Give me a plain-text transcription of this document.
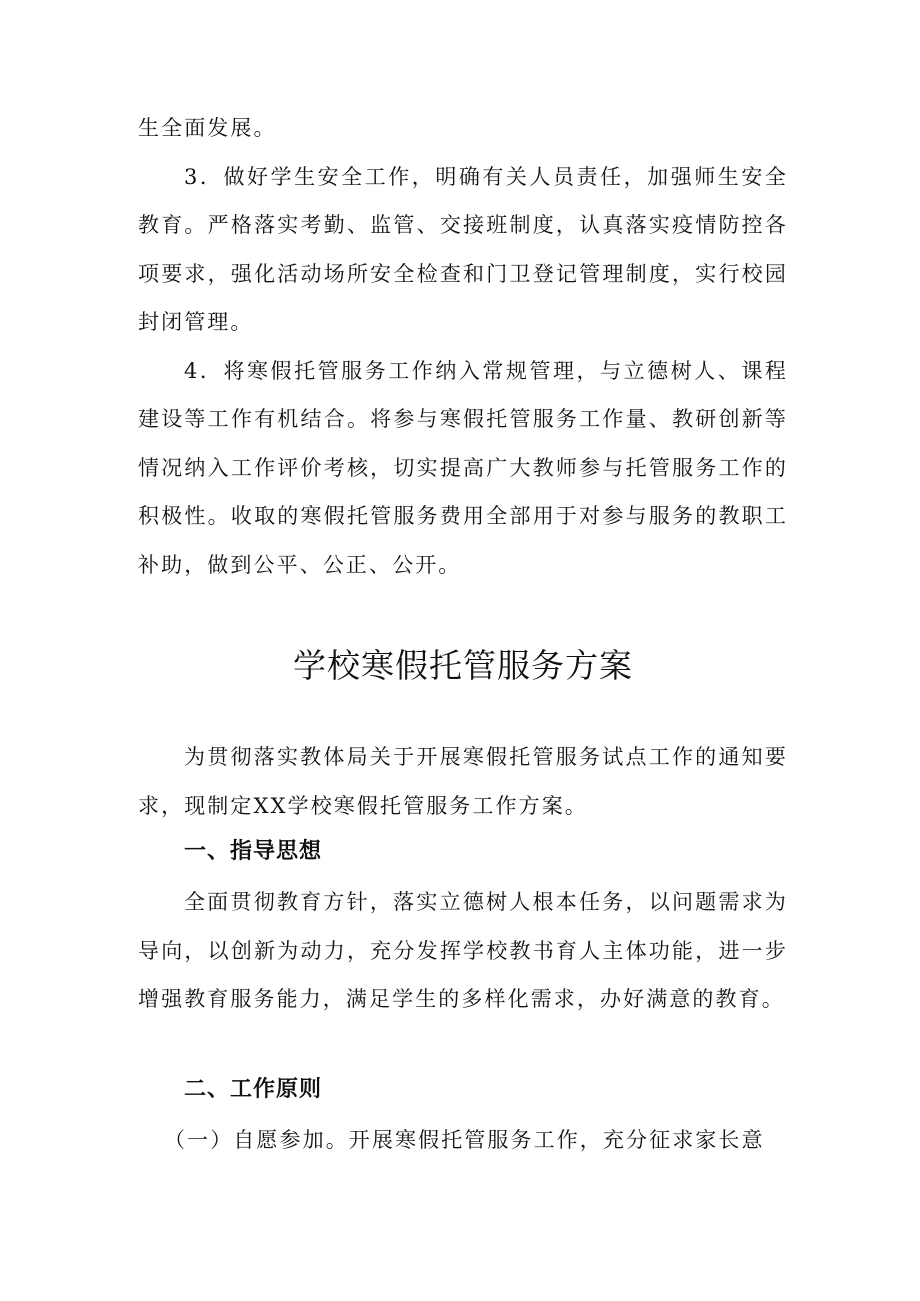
生全面发展。

3．做好学生安全工作，明确有关人员责任，加强师生安全教育。严格落实考勤、监管、交接班制度，认真落实疫情防控各项要求，强化活动场所安全检查和门卫登记管理制度，实行校园封闭管理。

4．将寒假托管服务工作纳入常规管理，与立德树人、课程建设等工作有机结合。将参与寒假托管服务工作量、教研创新等情况纳入工作评价考核，切实提高广大教师参与托管服务工作的积极性。收取的寒假托管服务费用全部用于对参与服务的教职工补助，做到公平、公正、公开。

学校寒假托管服务方案

为贯彻落实教体局关于开展寒假托管服务试点工作的通知要求，现制定XX学校寒假托管服务工作方案。

一、指导思想

全面贯彻教育方针，落实立德树人根本任务，以问题需求为导向，以创新为动力，充分发挥学校教书育人主体功能，进一步增强教育服务能力，满足学生的多样化需求，办好满意的教育。

二、工作原则

（一）自愿参加。开展寒假托管服务工作，充分征求家长意
